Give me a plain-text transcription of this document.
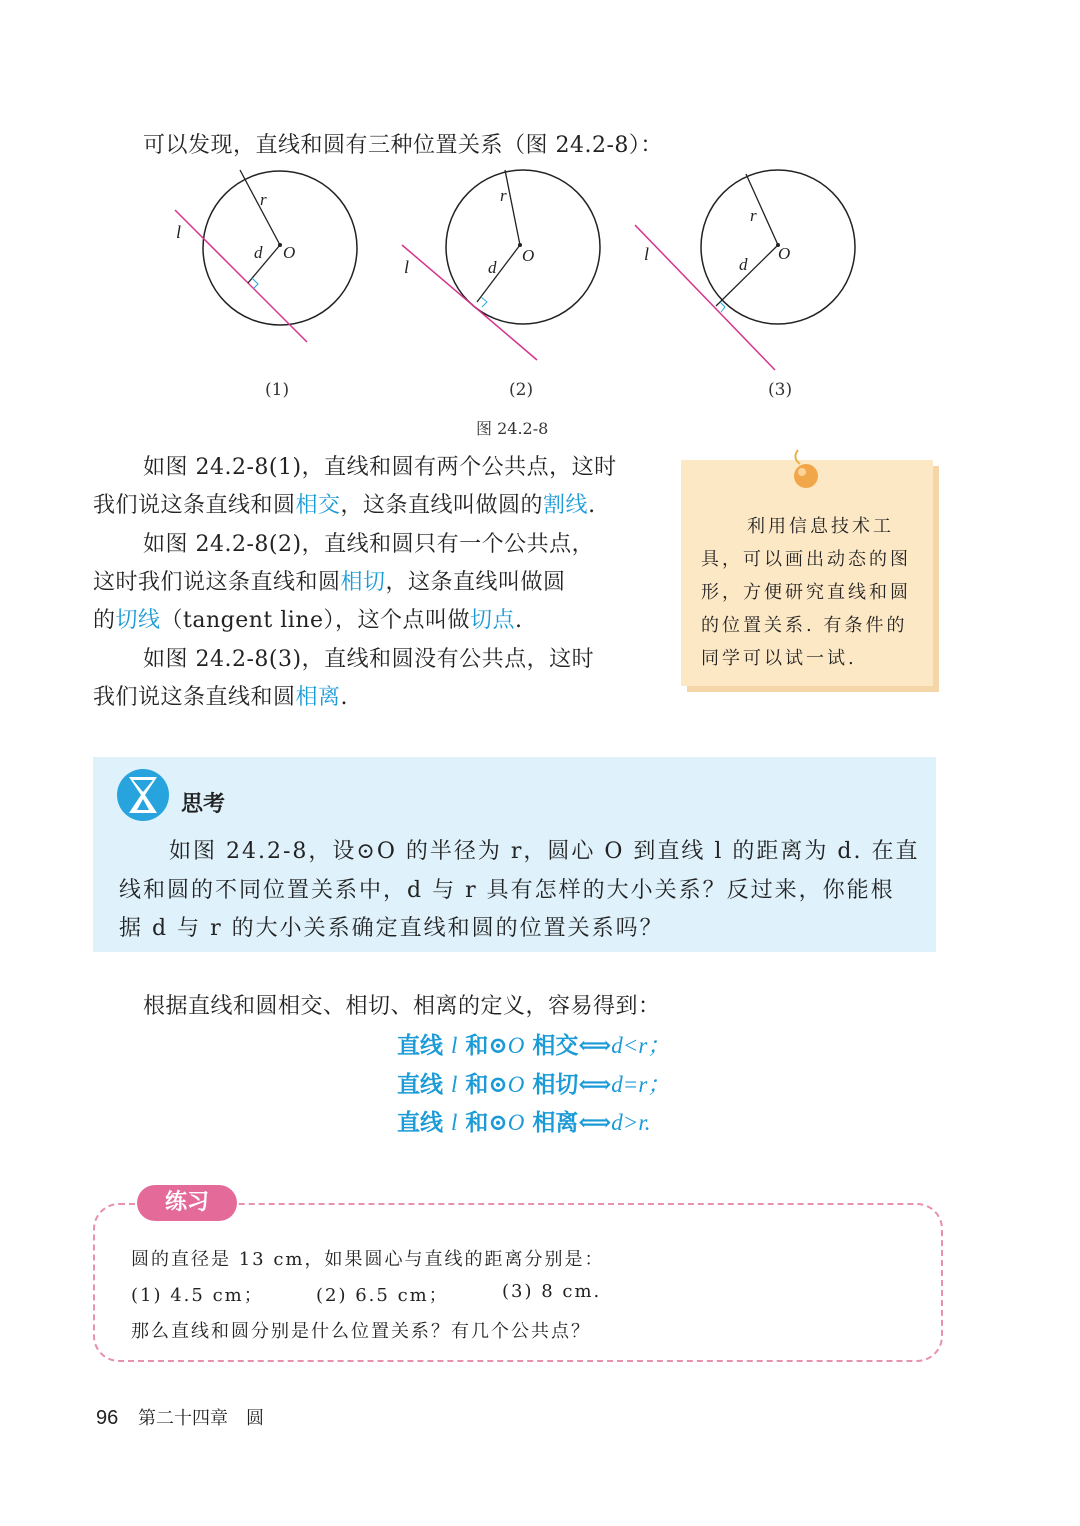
可以发现，直线和圆有三种位置关系（图 24.2-8）：
l
r
d O
l
r
d
O	l
r
d
O
(1)	(2)	(3)
图 24.2-8
如图 24.2-8(1)，直线和圆有两个公共点，这时
我们说这条直线和圆相交，这条直线叫做圆的割线.
如图 24.2-8(2)，直线和圆只有一个公共点，
这时我们说这条直线和圆相切，这条直线叫做圆
的切线（tangent line），这个点叫做切点.
如图 24.2-8(3)，直线和圆没有公共点，这时
我们说这条直线和圆相离.
利用信息技术工
具，可以画出动态的图
形，方便研究直线和圆
的位置关系. 有条件的
同学可以试一试.
思考
如图 24.2-8，设⊙O 的半径为 r，圆心 O 到直线 l 的距离为 d. 在直
线和圆的不同位置关系中，d 与 r 具有怎样的大小关系？反过来，你能根
据 d 与 r 的大小关系确定直线和圆的位置关系吗？
根据直线和圆相交、相切、相离的定义，容易得到：
直线 l 和⊙O 相交⟺d<r；
直线 l 和⊙O 相切⟺d=r；
直线 l 和⊙O 相离⟺d>r.
练习
圆的直径是 13 cm，如果圆心与直线的距离分别是：
(1) 4.5 cm；	(2) 6.5 cm；	(3) 8 cm.
那么直线和圆分别是什么位置关系？有几个公共点？
96 第二十四章　圆
